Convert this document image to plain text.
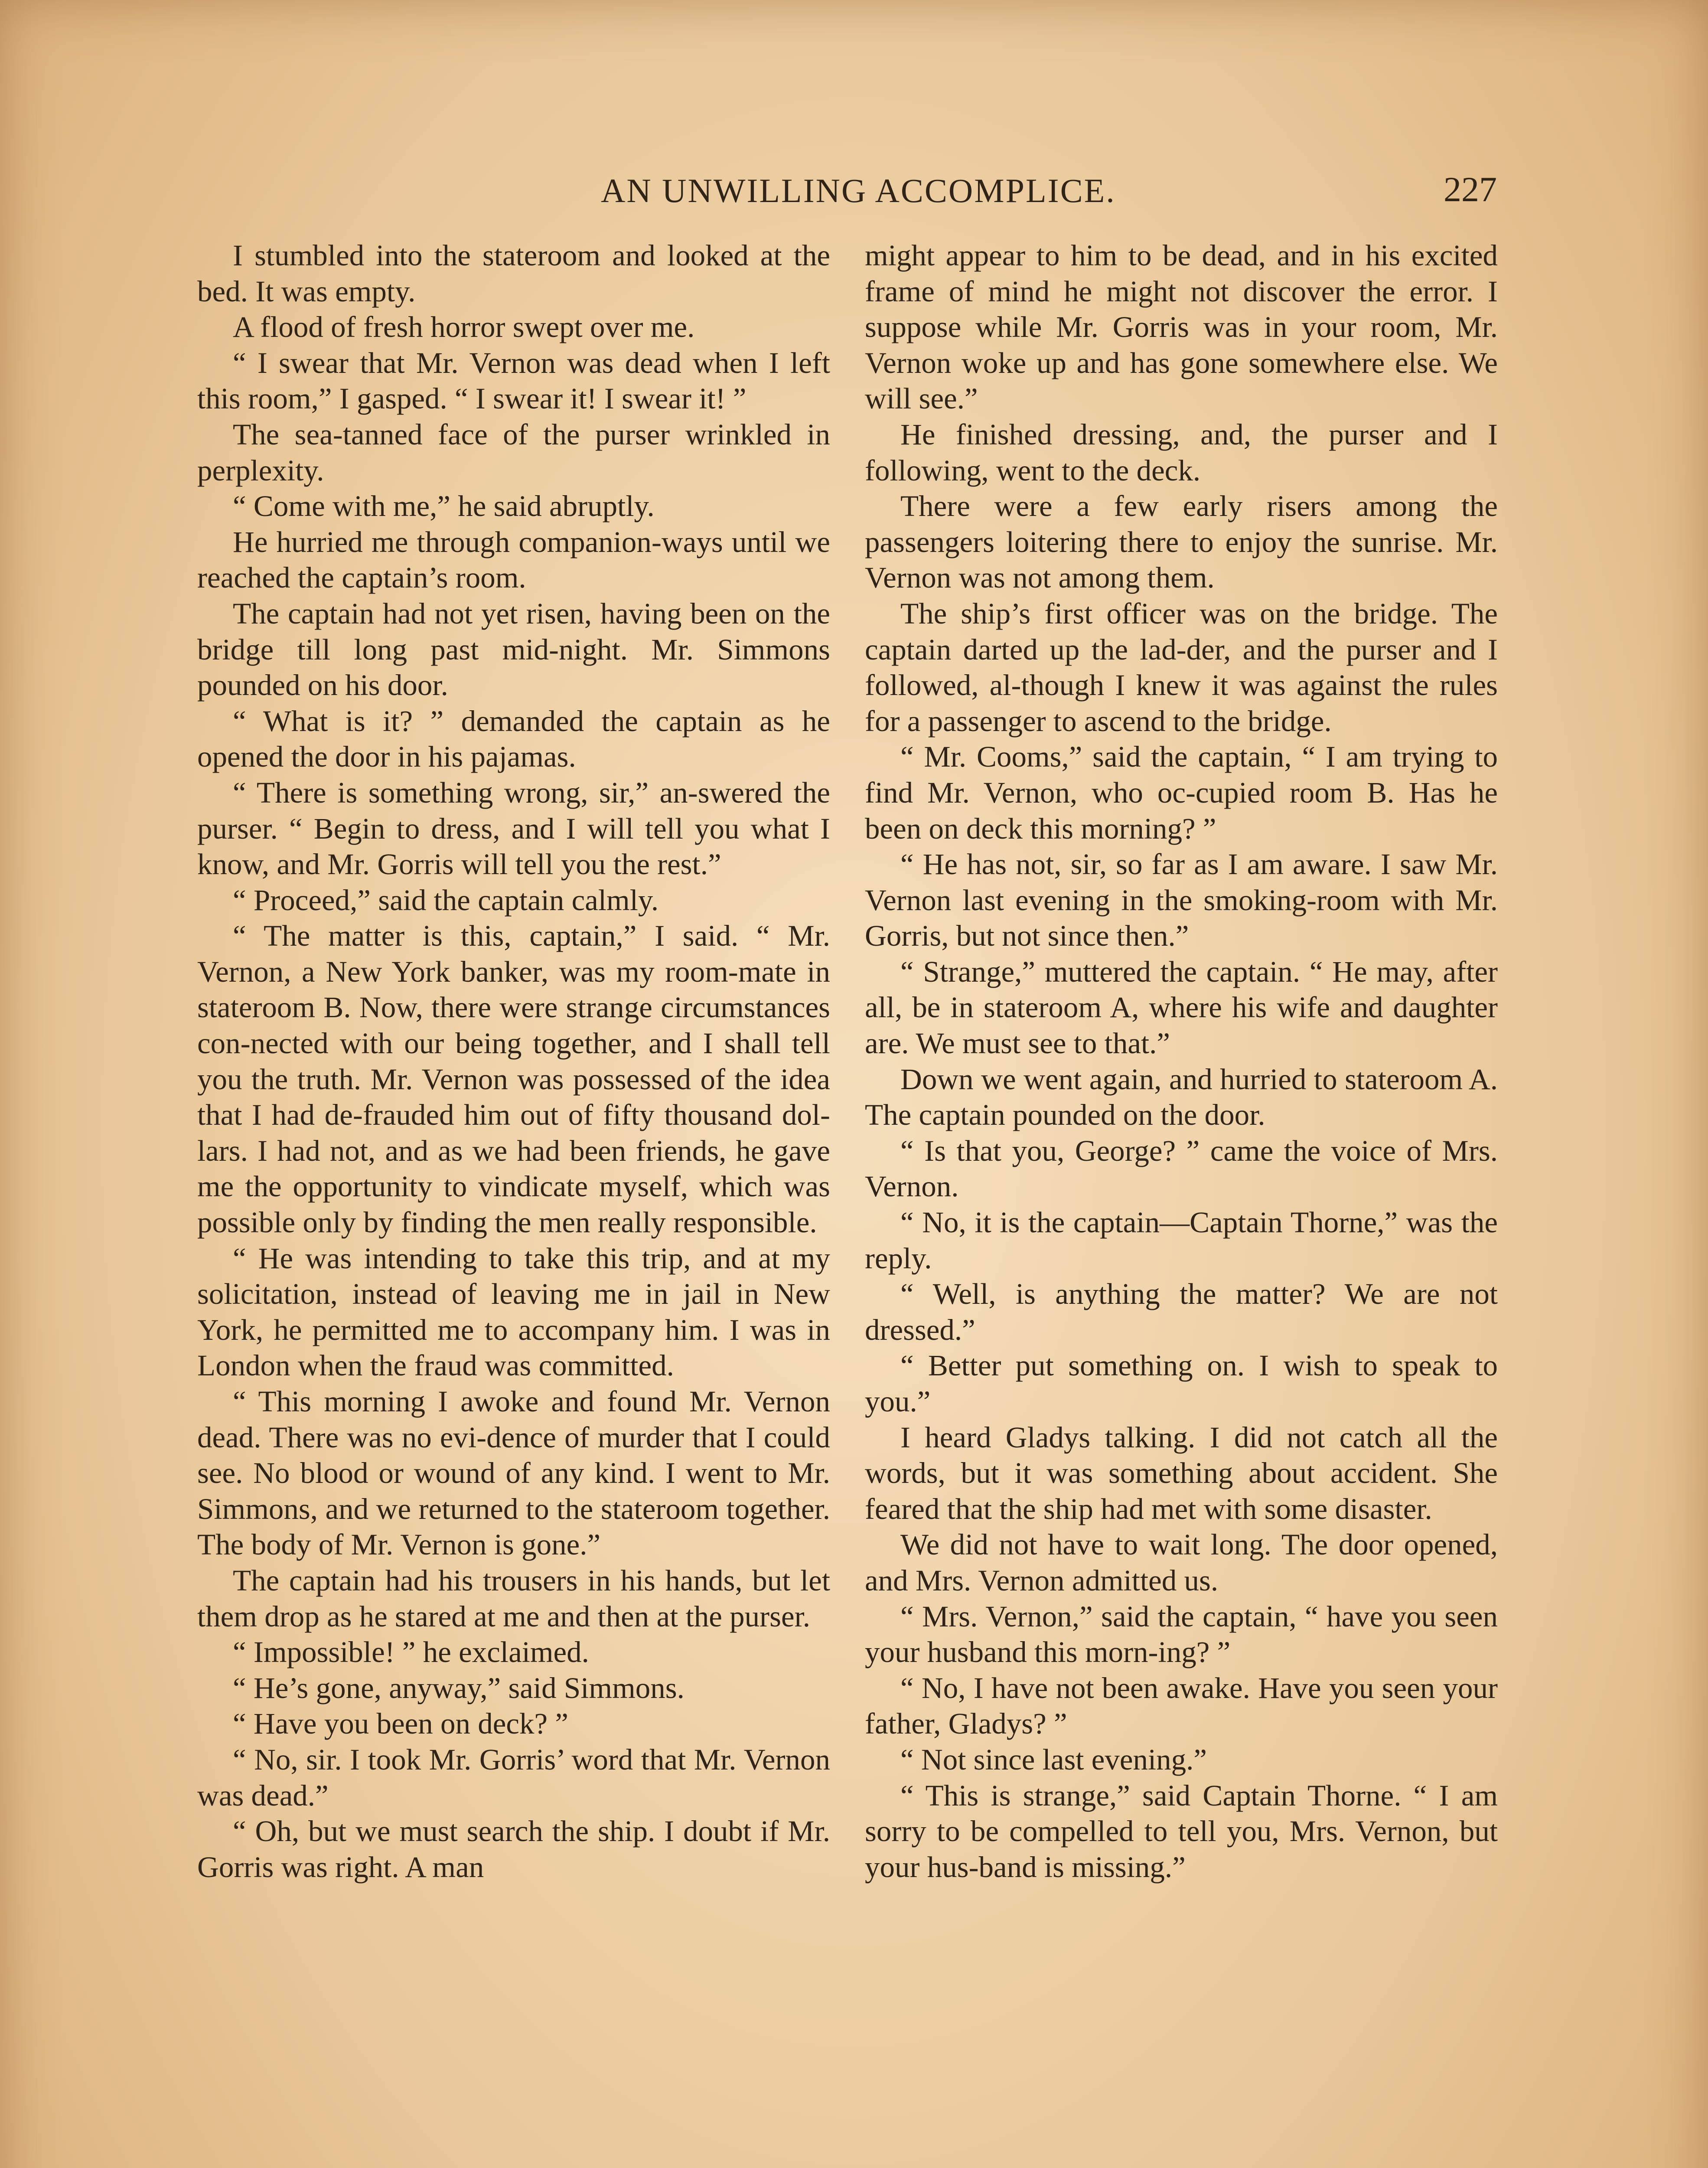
AN UNWILLING ACCOMPLICE.	227

I stumbled into the stateroom and looked at the bed. It was empty.

A flood of fresh horror swept over me.

“ I swear that Mr. Vernon was dead when I left this room,” I gasped. “ I swear it! I swear it! ”

The sea-tanned face of the purser wrinkled in perplexity.

“ Come with me,” he said abruptly.

He hurried me through companion-ways until we reached the captain’s room.

The captain had not yet risen, having been on the bridge till long past mid-night. Mr. Simmons pounded on his door.

“ What is it? ” demanded the captain as he opened the door in his pajamas.

“ There is something wrong, sir,” an-swered the purser. “ Begin to dress, and I will tell you what I know, and Mr. Gorris will tell you the rest.”

“ Proceed,” said the captain calmly.

“ The matter is this, captain,” I said. “ Mr. Vernon, a New York banker, was my room-mate in stateroom B. Now, there were strange circumstances con-nected with our being together, and I shall tell you the truth. Mr. Vernon was possessed of the idea that I had de-frauded him out of fifty thousand dol-lars. I had not, and as we had been friends, he gave me the opportunity to vindicate myself, which was possible only by finding the men really responsible.

“ He was intending to take this trip, and at my solicitation, instead of leaving me in jail in New York, he permitted me to accompany him. I was in London when the fraud was committed.

“ This morning I awoke and found Mr. Vernon dead. There was no evi-dence of murder that I could see. No blood or wound of any kind. I went to Mr. Simmons, and we returned to the stateroom together. The body of Mr. Vernon is gone.”

The captain had his trousers in his hands, but let them drop as he stared at me and then at the purser.

“ Impossible! ” he exclaimed.

“ He’s gone, anyway,” said Simmons.

“ Have you been on deck? ”

“ No, sir. I took Mr. Gorris’ word that Mr. Vernon was dead.”

“ Oh, but we must search the ship. I doubt if Mr. Gorris was right. A man

might appear to him to be dead, and in his excited frame of mind he might not discover the error. I suppose while Mr. Gorris was in your room, Mr. Vernon woke up and has gone somewhere else. We will see.”

He finished dressing, and, the purser and I following, went to the deck.

There were a few early risers among the passengers loitering there to enjoy the sunrise. Mr. Vernon was not among them.

The ship’s first officer was on the bridge. The captain darted up the lad-der, and the purser and I followed, al-though I knew it was against the rules for a passenger to ascend to the bridge.

“ Mr. Cooms,” said the captain, “ I am trying to find Mr. Vernon, who oc-cupied room B. Has he been on deck this morning? ”

“ He has not, sir, so far as I am aware. I saw Mr. Vernon last evening in the smoking-room with Mr. Gorris, but not since then.”

“ Strange,” muttered the captain. “ He may, after all, be in stateroom A, where his wife and daughter are. We must see to that.”

Down we went again, and hurried to stateroom A. The captain pounded on the door.

“ Is that you, George? ” came the voice of Mrs. Vernon.

“ No, it is the captain—Captain Thorne,” was the reply.

“ Well, is anything the matter? We are not dressed.”

“ Better put something on. I wish to speak to you.”

I heard Gladys talking. I did not catch all the words, but it was something about accident. She feared that the ship had met with some disaster.

We did not have to wait long. The door opened, and Mrs. Vernon admitted us.

“ Mrs. Vernon,” said the captain, “ have you seen your husband this morn-ing? ”

“ No, I have not been awake. Have you seen your father, Gladys? ”

“ Not since last evening.”

“ This is strange,” said Captain Thorne. “ I am sorry to be compelled to tell you, Mrs. Vernon, but your hus-band is missing.”
